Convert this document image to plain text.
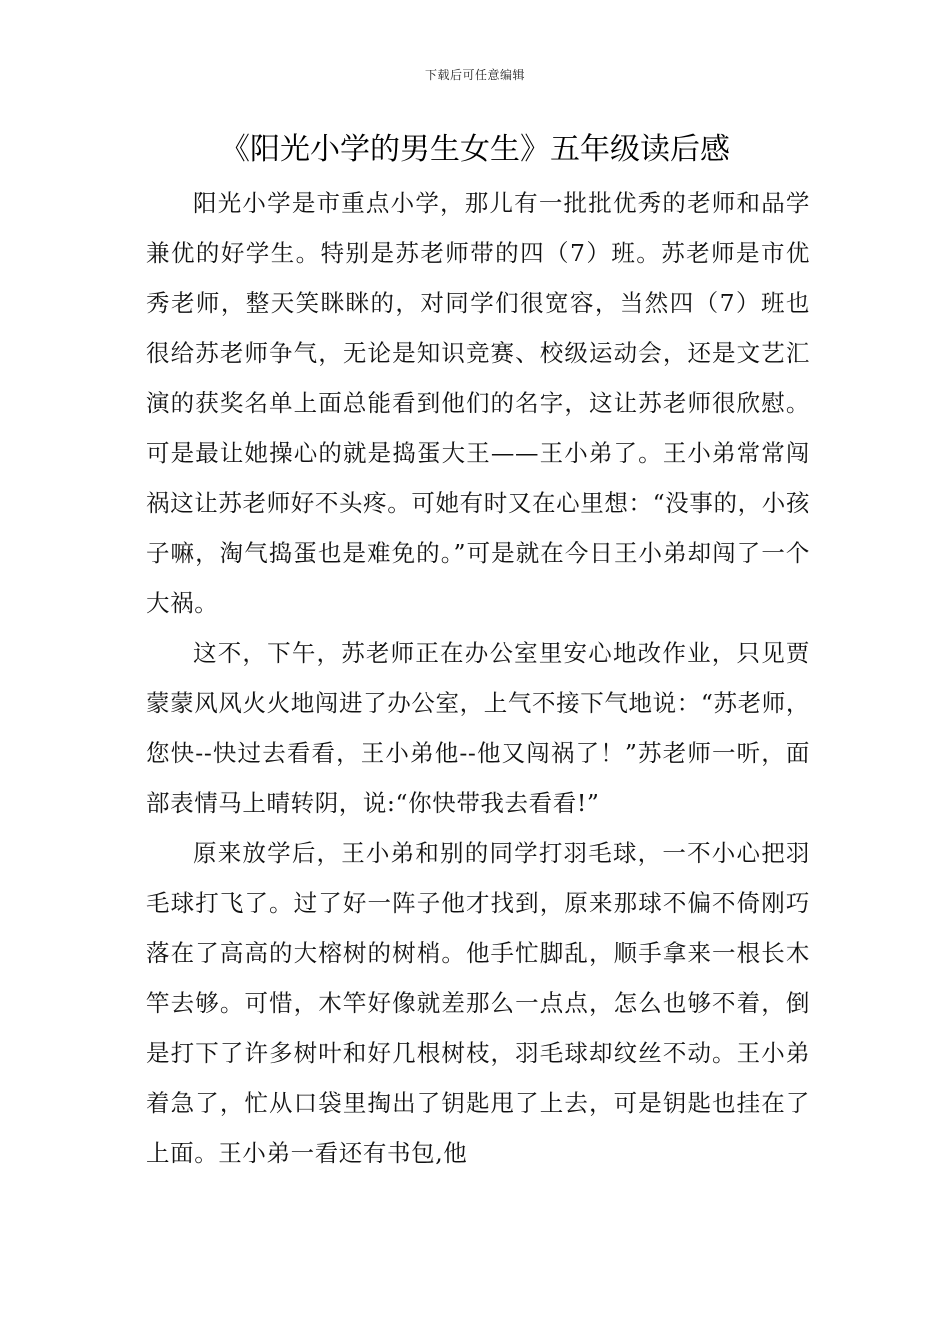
下载后可任意编辑
《阳光小学的男生女生》五年级读后感

阳光小学是市重点小学，那儿有一批批优秀的老师和品学兼优的好学生。特别是苏老师带的四（7）班。苏老师是市优秀老师，整天笑眯眯的，对同学们很宽容，当然四（7）班也很给苏老师争气，无论是知识竞赛、校级运动会，还是文艺汇演的获奖名单上面总能看到他们的名字，这让苏老师很欣慰。可是最让她操心的就是捣蛋大王——王小弟了。王小弟常常闯祸这让苏老师好不头疼。可她有时又在心里想：“没事的，小孩子嘛，淘气捣蛋也是难免的。”可是就在今日王小弟却闯了一个大祸。

这不，下午，苏老师正在办公室里安心地改作业，只见贾蒙蒙风风火火地闯进了办公室，上气不接下气地说：“苏老师，您快--快过去看看，王小弟他--他又闯祸了！”苏老师一听，面部表情马上晴转阴，说:“你快带我去看看!”

原来放学后，王小弟和别的同学打羽毛球，一不小心把羽毛球打飞了。过了好一阵子他才找到，原来那球不偏不倚刚巧落在了高高的大榕树的树梢。他手忙脚乱，顺手拿来一根长木竿去够。可惜，木竿好像就差那么一点点，怎么也够不着，倒是打下了许多树叶和好几根树枝，羽毛球却纹丝不动。王小弟着急了，忙从口袋里掏出了钥匙甩了上去，可是钥匙也挂在了上面。王小弟一看还有书包,他
